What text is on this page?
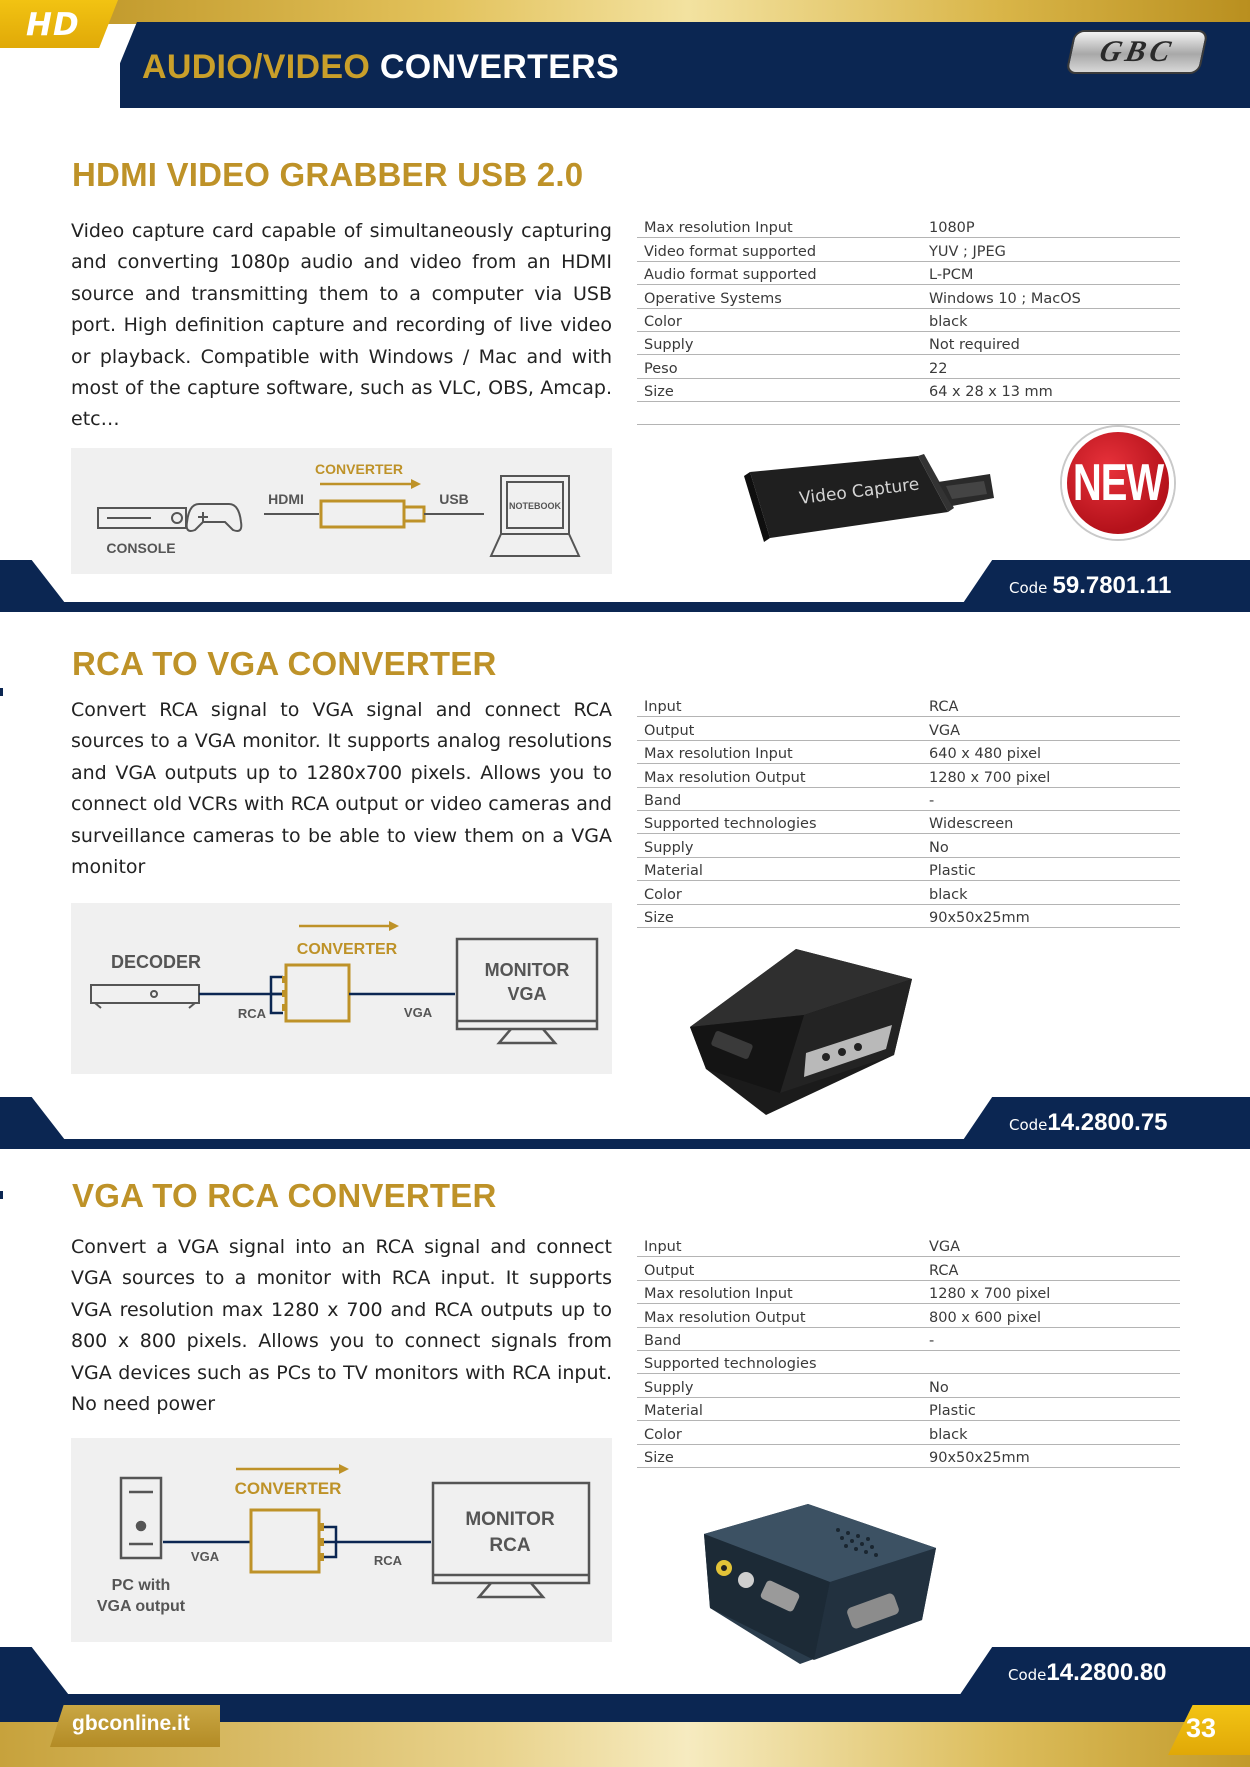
HD
AUDIO/VIDEO CONVERTERS	GBC
HDMI VIDEO GRABBER USB 2.0
Video capture card capable of simultaneously capturing and converting 1080p audio and video from an HDMI source and transmitting them to a computer via USB port. High definition capture and recording of live video or playback. Compatible with Windows / Mac and with most of the capture software, such as VLC, OBS, Amcap. etc…
Max resolution Input	1080P
Video format supported	YUV ; JPEG
Audio format supported	L-PCM
Operative Systems	Windows 10 ; MacOS
Color	black
Supply	Not required
Peso	22
Size	64 x 28 x 13 mm
CONSOLE
HDMI
CONVERTER
USB	NOTEBOOK	Video Capture	NEW
Code 59.7801.11
RCA TO VGA CONVERTER
Convert RCA signal to VGA signal and connect RCA sources to a VGA monitor. It supports analog resolutions and VGA outputs up to 1280x700 pixels. Allows you to connect old VCRs with RCA output or video cameras and surveillance cameras to be able to view them on a VGA monitor
Input	RCA
Output	VGA
Max resolution Input	640 x 480 pixel
Max resolution Output	1280 x 700 pixel
Band	-
Supported technologies	Widescreen
Supply	No
Material	Plastic
Color	black
Size	90x50x25mm
DECODER
RCA
CONVERTER
VGA
MONITOR
VGA
Code14.2800.75
VGA TO RCA CONVERTER
Convert a VGA signal into an RCA signal and connect VGA sources to a monitor with RCA input. It supports VGA resolution max 1280 x 700 and RCA outputs up to 800 x 800 pixels. Allows you to connect signals from VGA devices such as PCs to TV monitors with RCA input. No need power
Input	VGA
Output	RCA
Max resolution Input	1280 x 700 pixel
Max resolution Output	800 x 600 pixel
Band	-
Supported technologies
Supply	No
Material	Plastic
Color	black
Size	90x50x25mm
PC with
VGA output
VGA
CONVERTER
RCA
MONITOR
RCA
Code14.2800.80
gbconline.it	33
